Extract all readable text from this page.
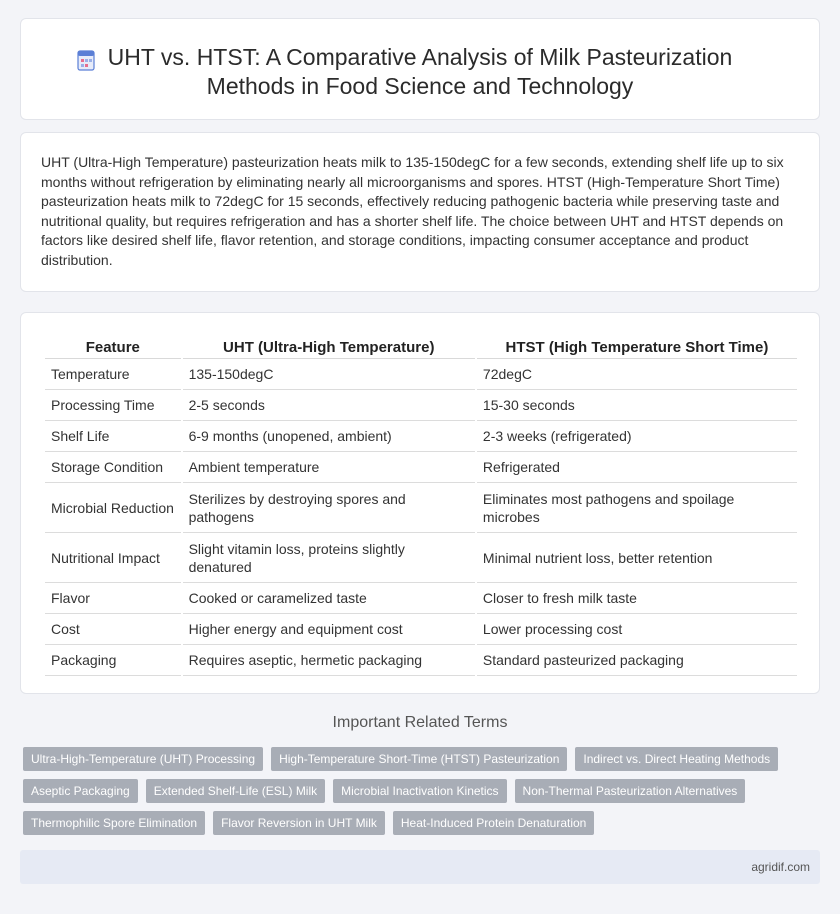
UHT vs. HTST: A Comparative Analysis of Milk Pasteurization
Methods in Food Science and Technology

UHT (Ultra-High Temperature) pasteurization heats milk to 135-150degC for a few seconds, extending shelf life up to six months without refrigeration by eliminating nearly all microorganisms and spores. HTST (High-Temperature Short Time) pasteurization heats milk to 72degC for 15 seconds, effectively reducing pathogenic bacteria while preserving taste and nutritional quality, but requires refrigeration and has a shorter shelf life. The choice between UHT and HTST depends on factors like desired shelf life, flavor retention, and storage conditions, impacting consumer acceptance and product distribution.

Feature	UHT (Ultra-High Temperature)	HTST (High Temperature Short Time)
Temperature	135-150degC	72degC
Processing Time	2-5 seconds	15-30 seconds
Shelf Life	6-9 months (unopened, ambient)	2-3 weeks (refrigerated)
Storage Condition	Ambient temperature	Refrigerated
Microbial Reduction	Sterilizes by destroying spores and pathogens	Eliminates most pathogens and spoilage microbes
Nutritional Impact	Slight vitamin loss, proteins slightly denatured	Minimal nutrient loss, better retention
Flavor	Cooked or caramelized taste	Closer to fresh milk taste
Cost	Higher energy and equipment cost	Lower processing cost
Packaging	Requires aseptic, hermetic packaging	Standard pasteurized packaging
Important Related Terms
Ultra-High-Temperature (UHT) Processing	High-Temperature Short-Time (HTST) Pasteurization	Indirect vs. Direct Heating Methods
Aseptic Packaging	Extended Shelf-Life (ESL) Milk	Microbial Inactivation Kinetics	Non-Thermal Pasteurization Alternatives
Thermophilic Spore Elimination	Flavor Reversion in UHT Milk	Heat-Induced Protein Denaturation
agridif.com
